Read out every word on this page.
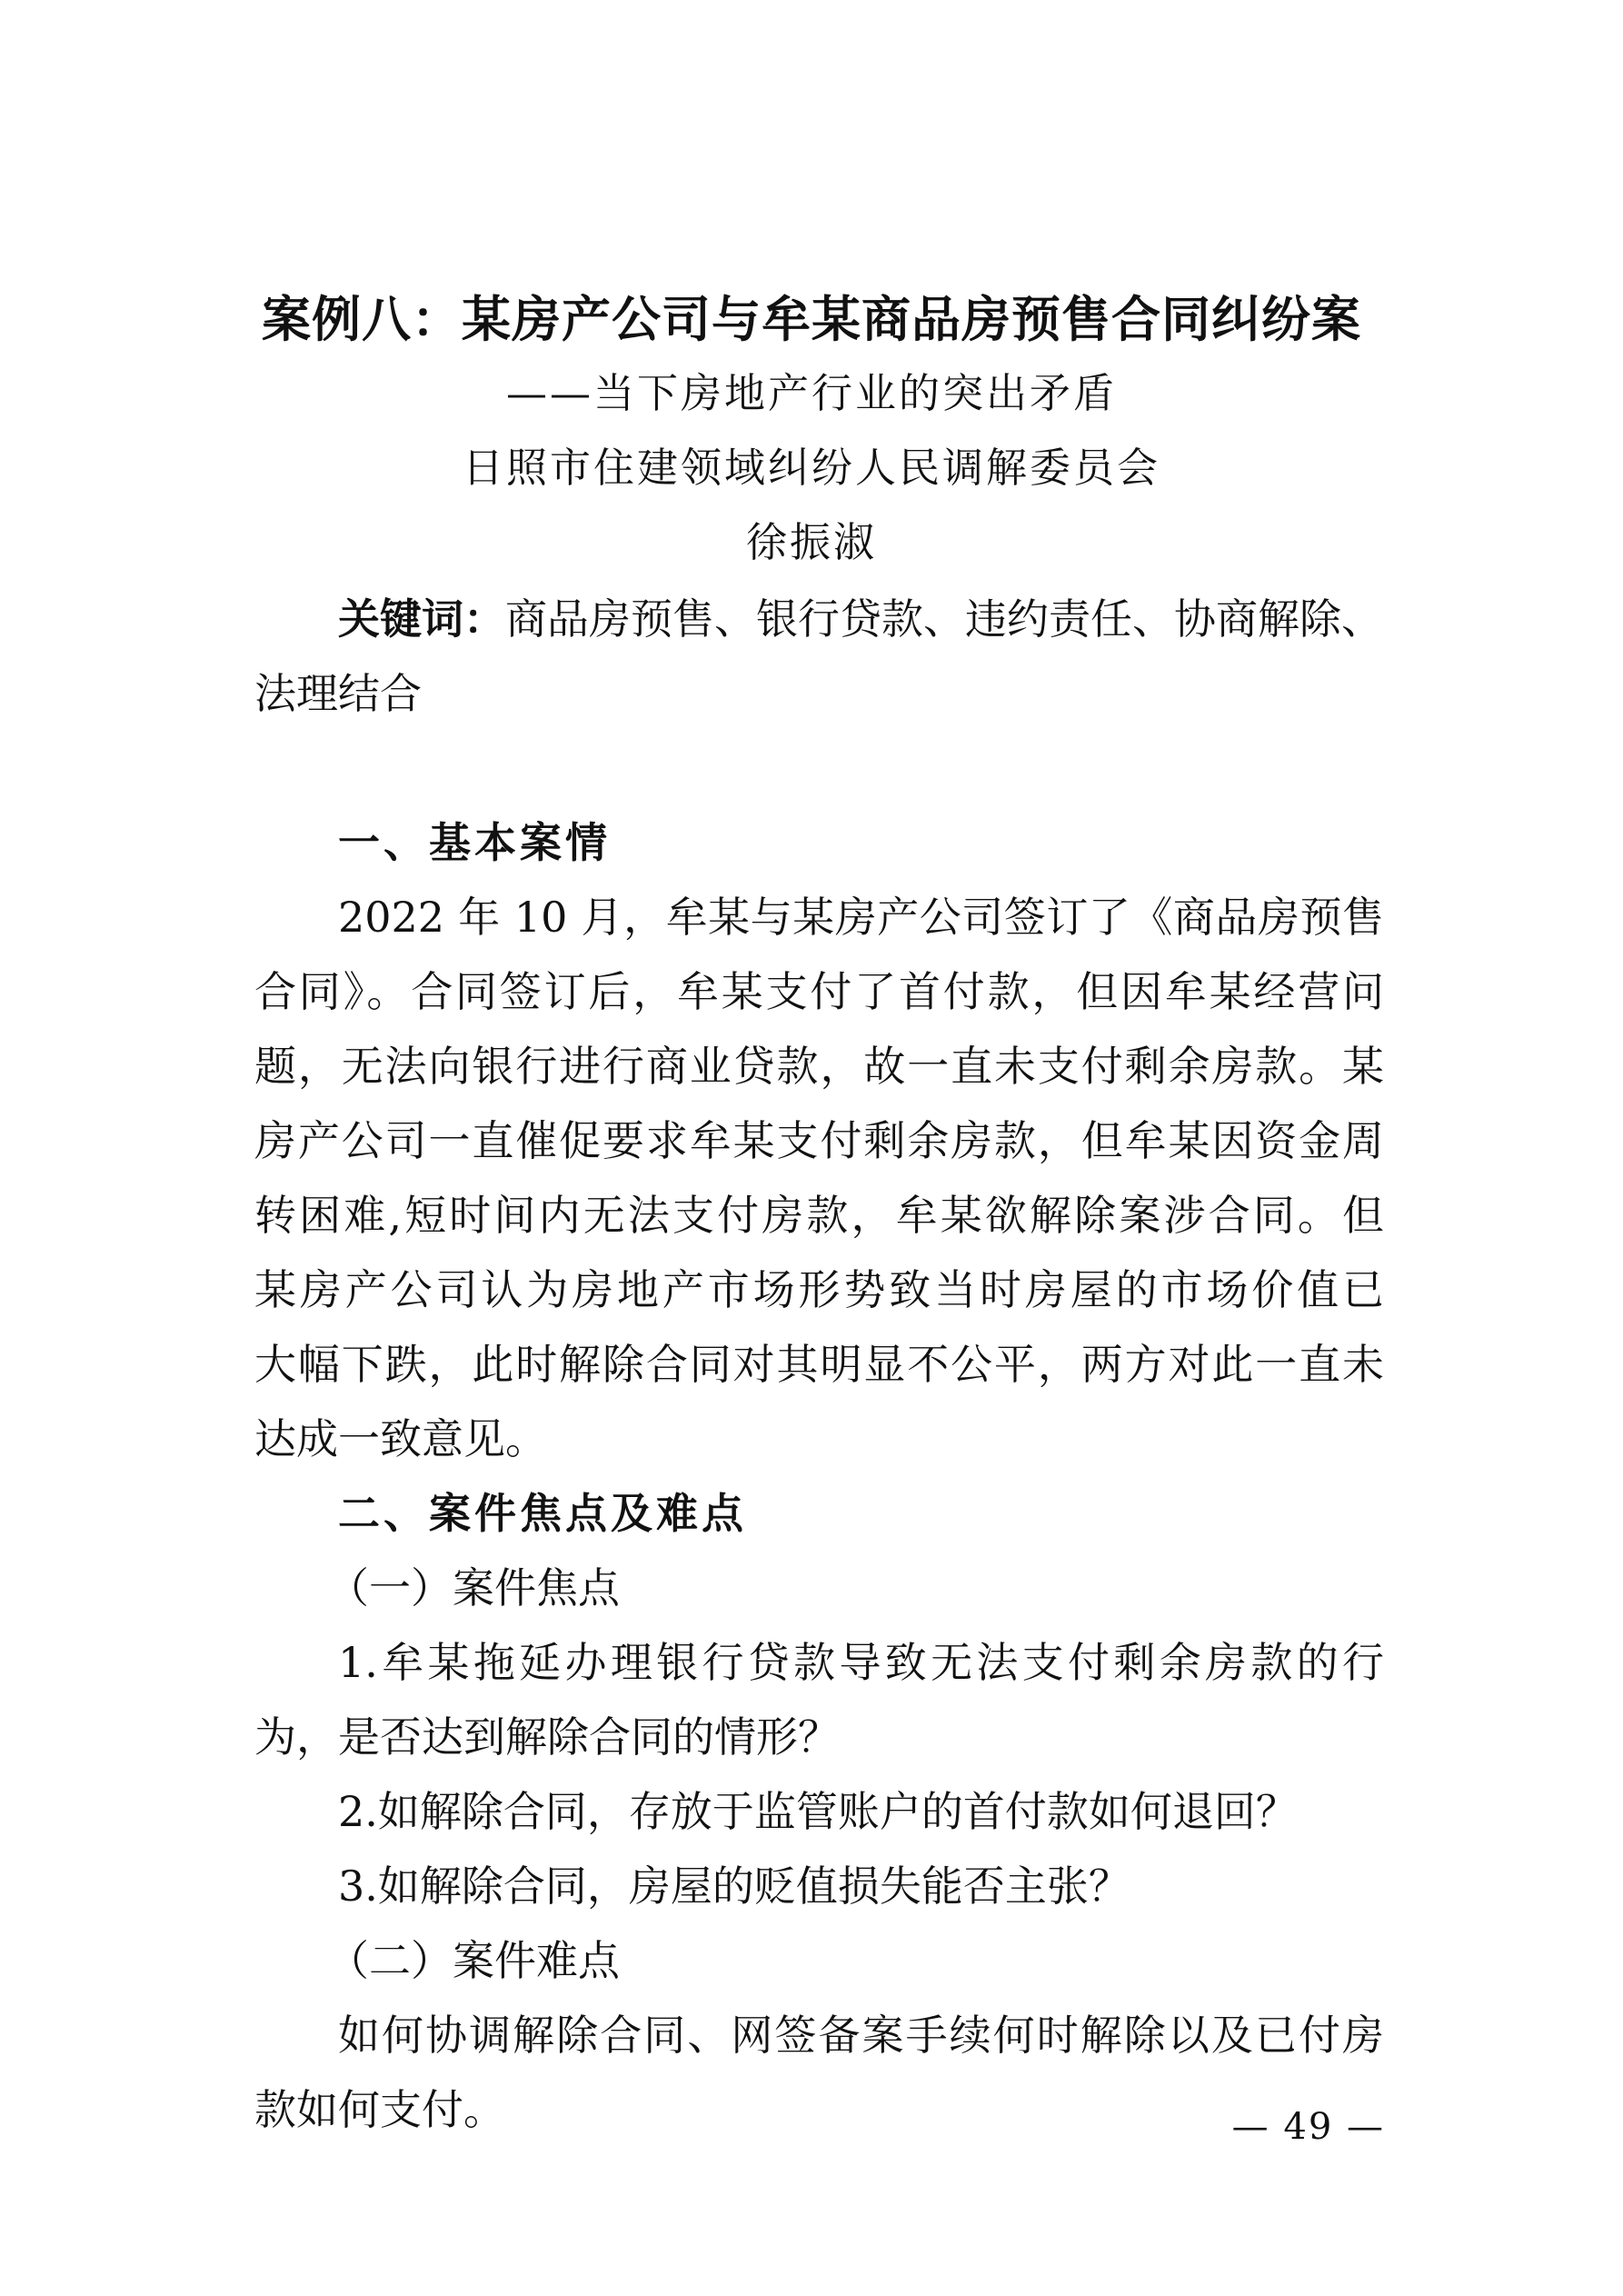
案例八：某房产公司与牟某商品房预售合同纠纷案
——当下房地产行业的突出矛盾
日照市住建领域纠纷人民调解委员会
徐振淑
关键词：商品房预售、银行贷款、违约责任、协商解除、
法理结合
一、基本案情
2022 年 10 月，牟某与某房产公司签订了《商品房预售
合同》。合同签订后，牟某支付了首付款，但因牟某经营问
题，无法向银行进行商业贷款，故一直未支付剩余房款。某
房产公司一直催促要求牟某支付剩余房款，但牟某因资金周
转困难,短时间内无法支付房款，牟某欲解除案涉合同。但
某房产公司认为房地产市场形势致当时房屋的市场价值已
大幅下跌，此时解除合同对其明显不公平，两方对此一直未
达成一致意见。
二、案件焦点及难点
（一）案件焦点
1.牟某拖延办理银行贷款导致无法支付剩余房款的行
为，是否达到解除合同的情形？
2.如解除合同，存放于监管账户的首付款如何退回？
3.如解除合同，房屋的贬值损失能否主张？
（二）案件难点
如何协调解除合同、网签备案手续何时解除以及已付房
款如何支付。	— 49 —
